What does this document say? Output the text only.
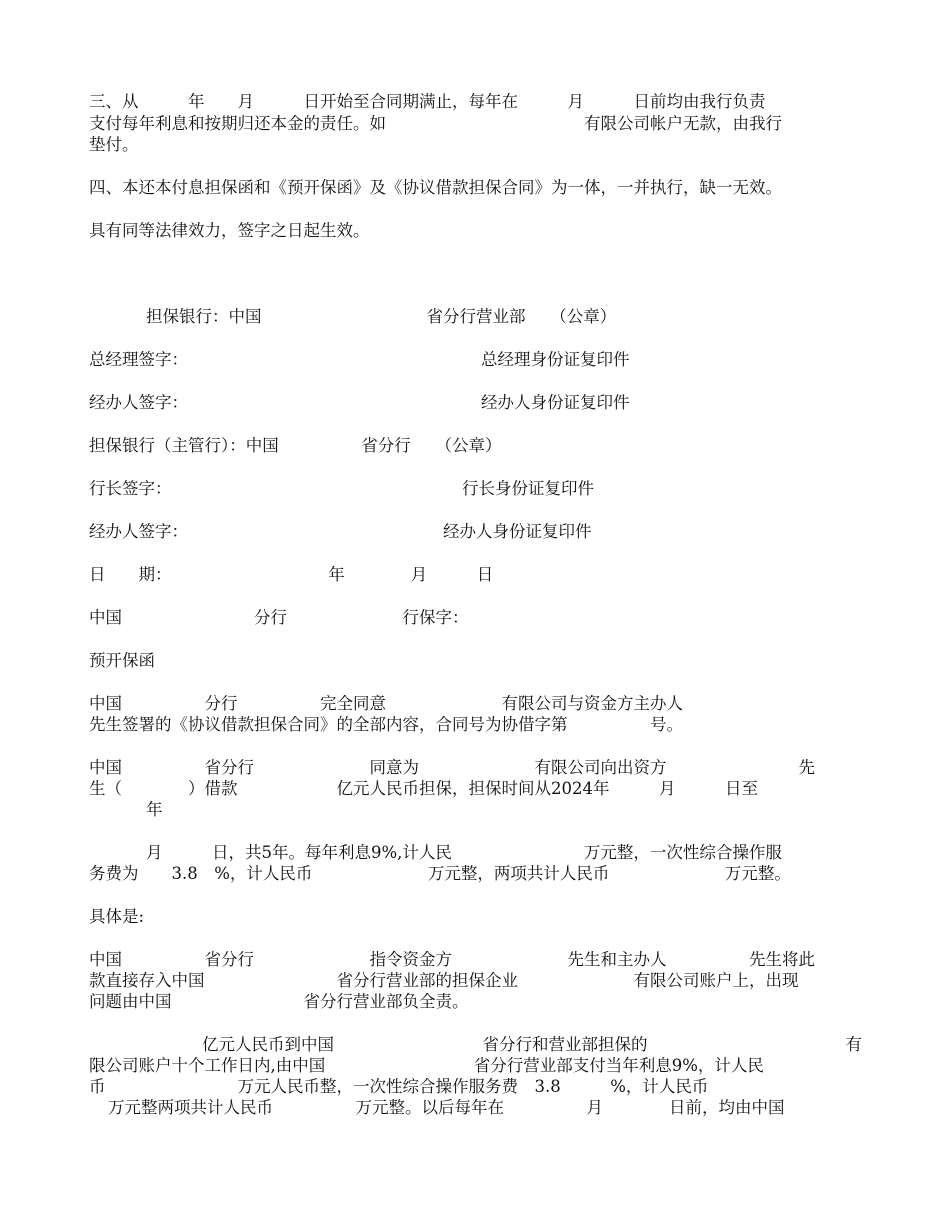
三、从　　　年　　月　　　日开始至合同期满止，每年在　　　月　　　日前均由我行负责
支付每年利息和按期归还本金的责任。如　　　　　　　　　　　　有限公司帐户无款，由我行
垫付。
四、本还本付息担保函和《预开保函》及《协议借款担保合同》为一体，一并执行，缺一无效。
具有同等法律效力，签字之日起生效。
担保银行：中国　　　　　　　　　　省分行营业部　　（公章）
总经理签字：	总经理身份证复印件
经办人签字：	经办人身份证复印件
担保银行（主管行）：中国　　　　　省分行　　（公章）
行长签字：	行长身份证复印件
经办人签字：	经办人身份证复印件
日　　期：　　　　　　　　　　年　　　　月　　　日
中国　　　　　　　　分行　　　　　　　行保字：
预开保函
中国　　　　　分行　　　　　完全同意　　　　　　　有限公司与资金方主办人
先生签署的《协议借款担保合同》的全部内容，合同号为协借字第　　　　　号。
中国　　　　　省分行　　　　　　　同意为　　　　　　　有限公司向出资方　　　　　　　　先
生（　　　　）借款　　　　　　亿元人民币担保，担保时间从2024年　　　月　　　日至
年
月　　　日，共5年。每年利息9%,计人民　　　　　　　　万元整，一次性综合操作服
务费为　　3.8　%，计人民币　　　　　　　万元整，两项共计人民币　　　　　　　万元整。
具体是:
中国　　　　　省分行　　　　　　　指令资金方　　　　　　　先生和主办人　　　　　先生将此
款直接存入中国　　　　　　　　省分行营业部的担保企业　　　　　　　有限公司账户上，出现
问题由中国　　　　　　　　省分行营业部负全责。
亿元人民币到中国　　　　　　　　　省分行和营业部担保的　　　　　　　　　　　　有
限公司账户十个工作日内,由中国　　　　　　　　　省分行营业部支付当年利息9%，计人民
币　　　　　　　　万元人民币整，一次性综合操作服务费　3.8　　　%，计人民币
万元整两项共计人民币　　　　　万元整。以后每年在　　　　　月　　　　日前，均由中国
